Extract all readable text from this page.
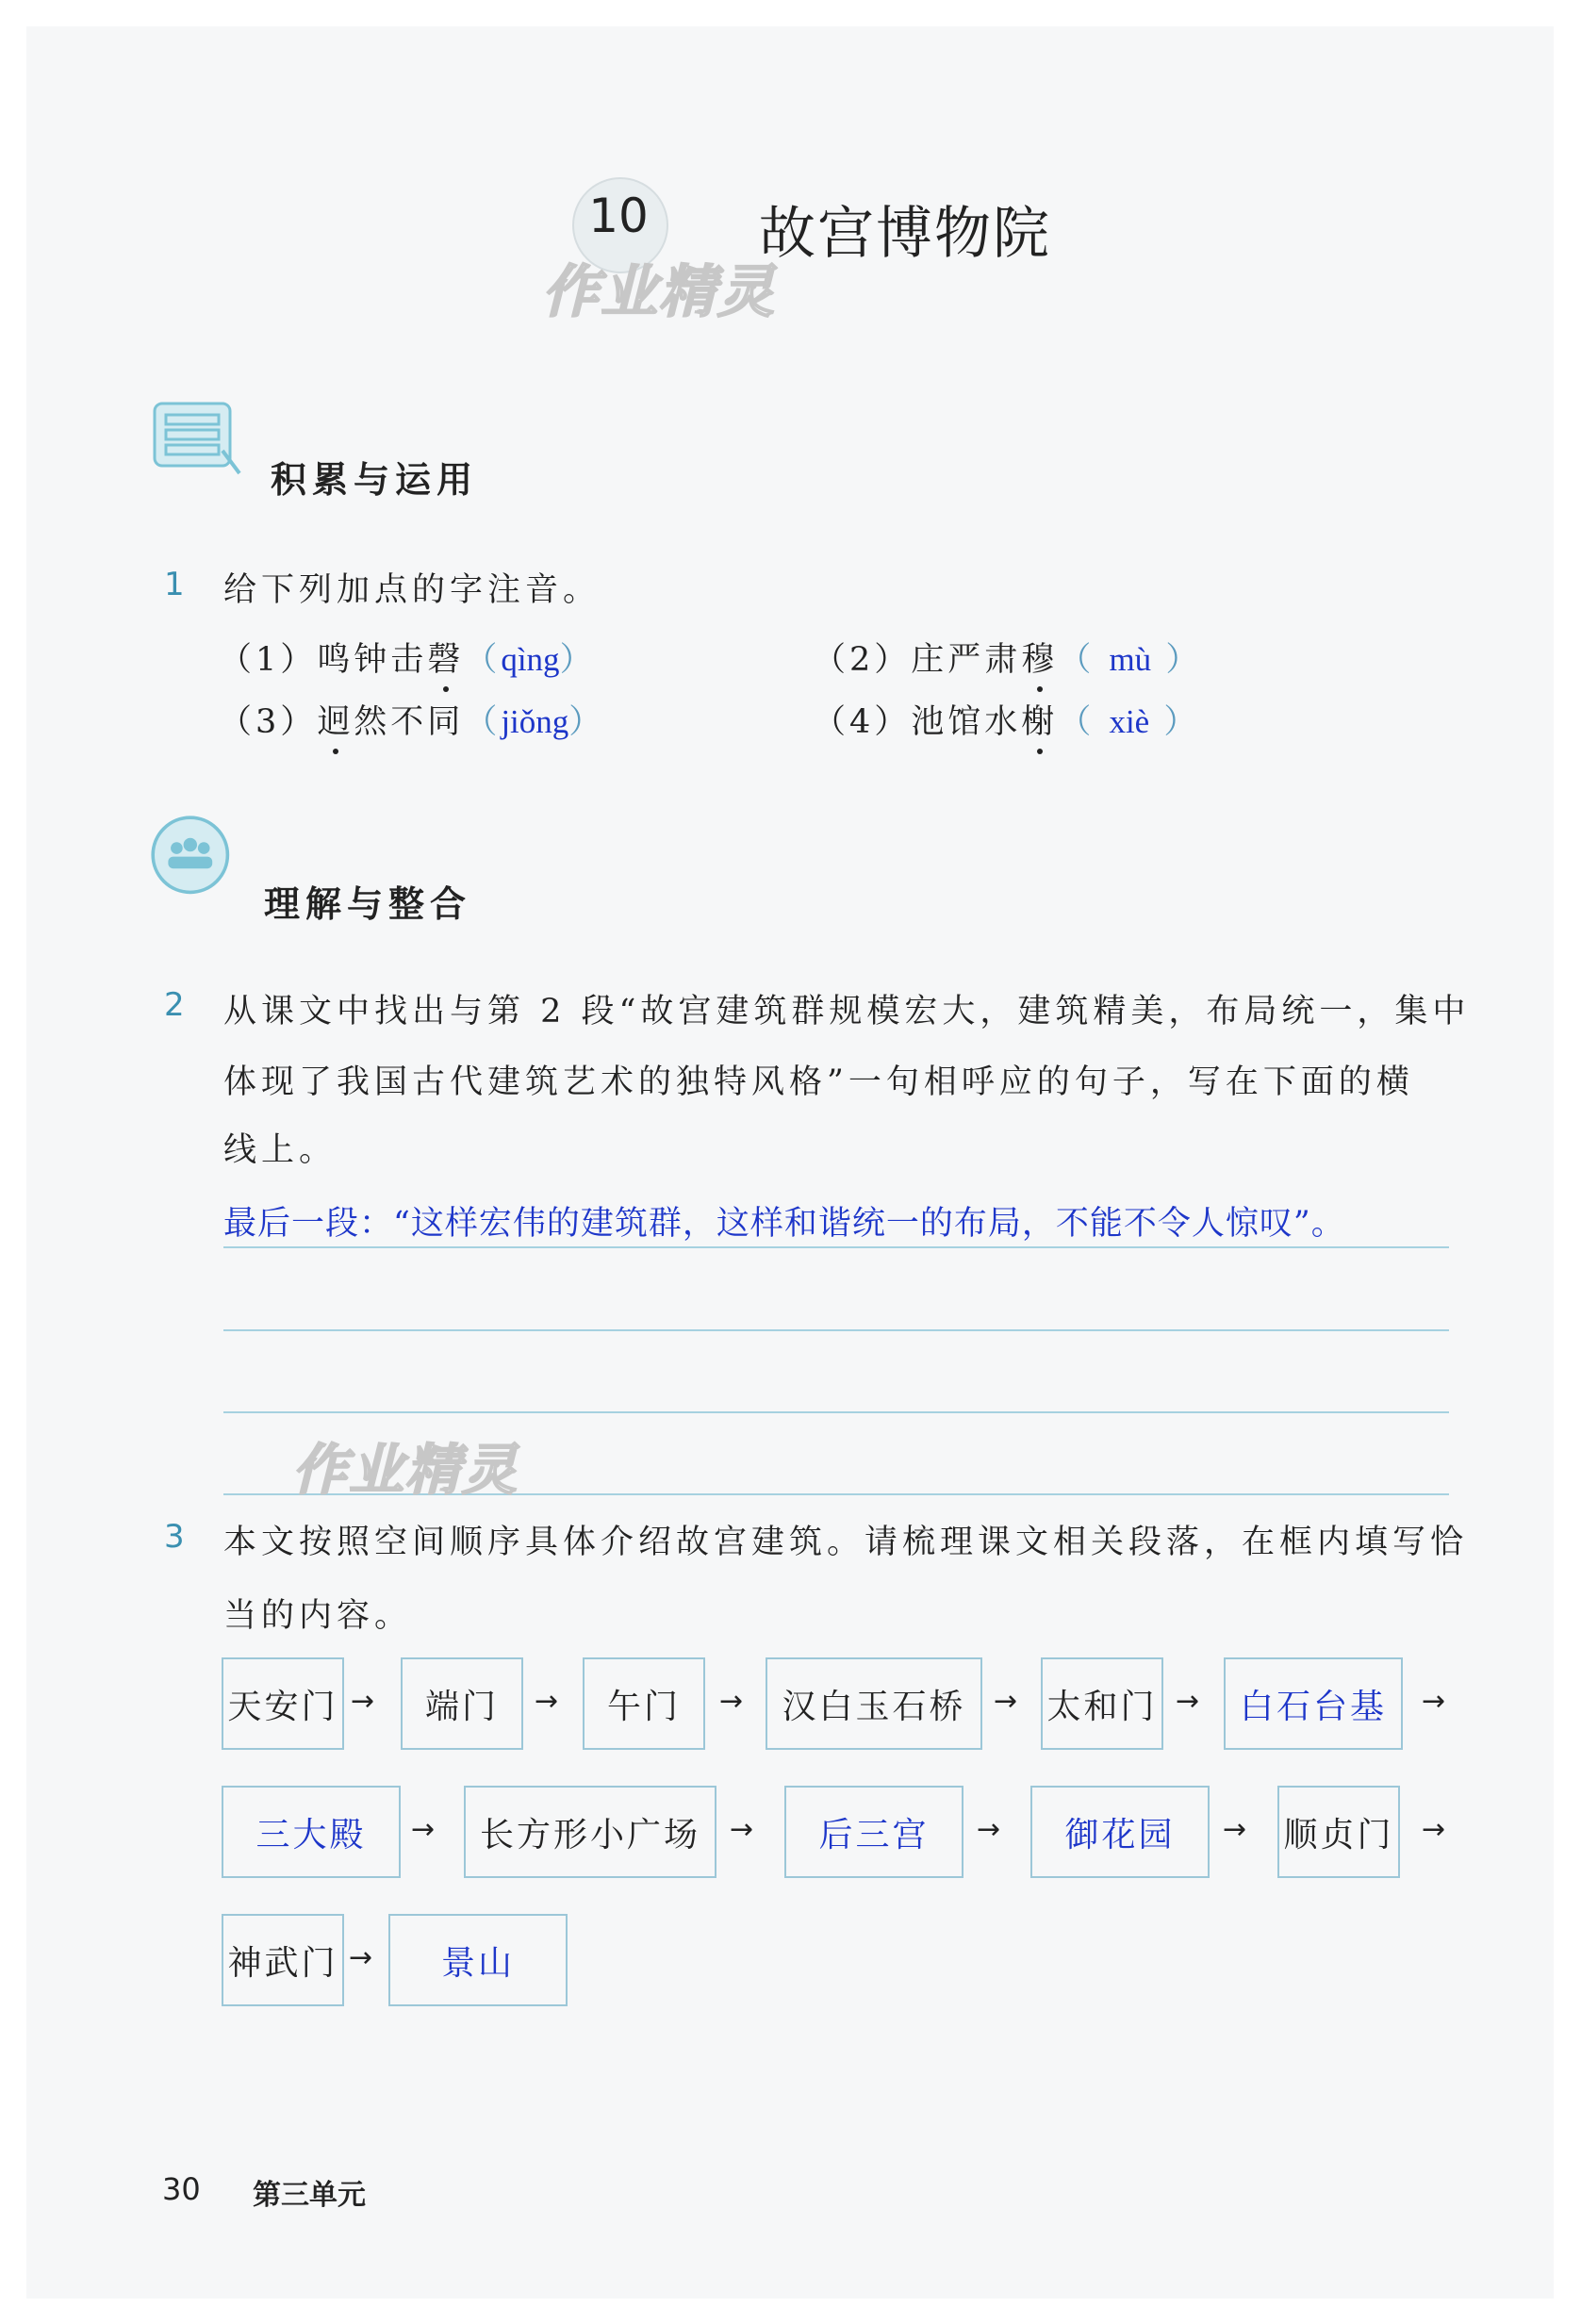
10 故宫博物院
作业精灵
积累与运用
1 给下列加点的字注音。
（1）鸣钟击磬（qìng）	（2）庄严肃穆（ mù ）
（3）迥然不同（jiǒng）	（4）池馆水榭（ xiè ）
理解与整合
2 从课文中找出与第 2 段“故宫建筑群规模宏大，建筑精美，布局统一，集中
体现了我国古代建筑艺术的独特风格”一句相呼应的句子，写在下面的横
线上。
最后一段：“这样宏伟的建筑群，这样和谐统一的布局，不能不令人惊叹”。
作业精灵
3 本文按照空间顺序具体介绍故宫建筑。请梳理课文相关段落，在框内填写恰
当的内容。
天安门 →	端门	→	午门	→	汉白玉石桥 → 太和门 →	白石台基	→
三大殿	→	长方形小广场	→	后三宫	→	御花园	→ 顺贞门 →
神武门 →	景山
30 第三单元
